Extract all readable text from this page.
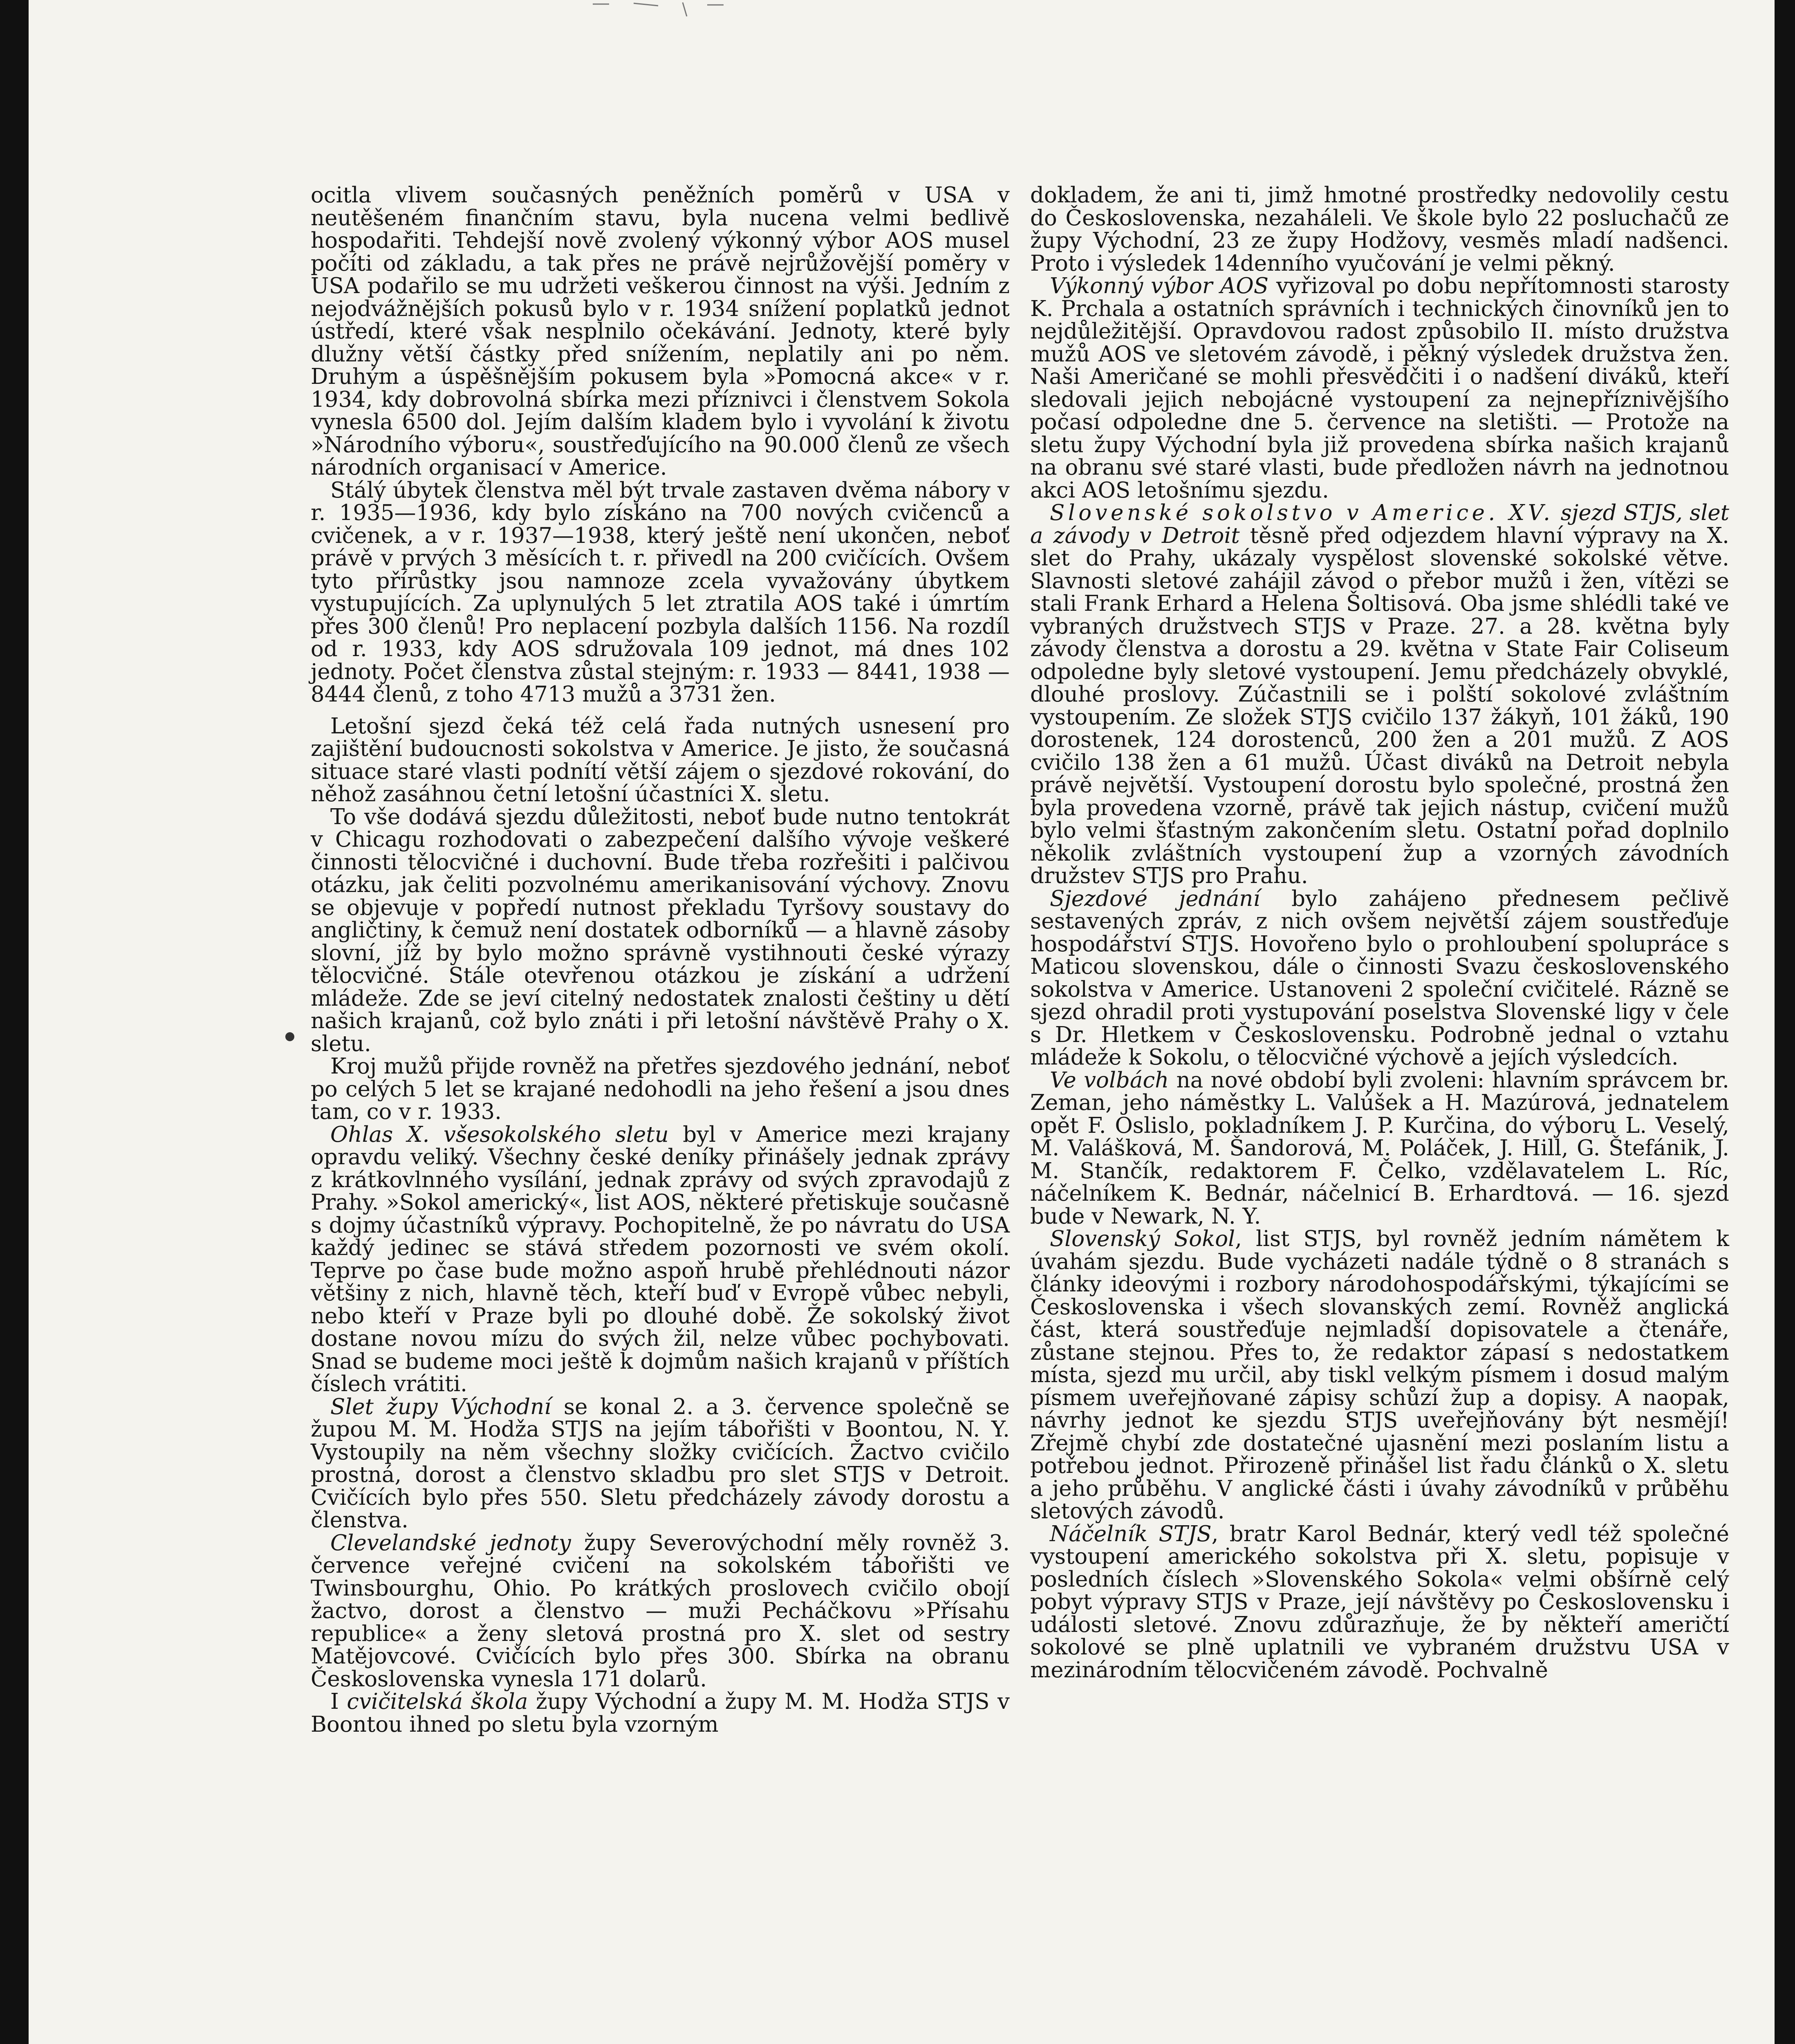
ocitla vlivem současných peněžních poměrů v USA v neutěšeném finančním stavu, byla nucena velmi bedlivě hospodařiti. Tehdejší nově zvolený výkonný výbor AOS musel počíti od základu, a tak přes ne právě nejrůžovější poměry v USA podařilo se mu udržeti veškerou činnost na výši. Jedním z nejodvážnějších pokusů bylo v r. 1934 snížení poplatků jednot ústředí, které však nesplnilo očekávání. Jednoty, které byly dlužny větší částky před snížením, neplatily ani po něm. Druhým a úspěšnějším pokusem byla »Pomocná akce« v r. 1934, kdy dobrovolná sbírka mezi příznivci i členstvem Sokola vynesla 6500 dol. Jejím dalším kladem bylo i vyvolání k životu »Národního výboru«, soustřeďujícího na 90.000 členů ze všech národních organisací v Americe.

Stálý úbytek členstva měl být trvale zastaven dvěma nábory v r. 1935—1936, kdy bylo získáno na 700 nových cvičenců a cvičenek, a v r. 1937—1938, který ještě není ukončen, neboť právě v prvých 3 měsících t. r. přivedl na 200 cvičících. Ovšem tyto přírůstky jsou namnoze zcela vyvažovány úbytkem vystupujících. Za uplynulých 5 let ztratila AOS také i úmrtím přes 300 členů! Pro neplacení pozbyla dalších 1156. Na rozdíl od r. 1933, kdy AOS sdružovala 109 jednot, má dnes 102 jednoty. Počet členstva zůstal stejným: r. 1933 — 8441, 1938 — 8444 členů, z toho 4713 mužů a 3731 žen.

Letošní sjezd čeká též celá řada nutných usnesení pro zajištění budoucnosti sokolstva v Americe. Je jisto, že současná situace staré vlasti podnítí větší zájem o sjezdové rokování, do něhož zasáhnou četní letošní účastníci X. sletu.

To vše dodává sjezdu důležitosti, neboť bude nutno tentokrát v Chicagu rozhodovati o zabezpečení dalšího vývoje veškeré činnosti tělocvičné i duchovní. Bude třeba rozřešiti i palčivou otázku, jak čeliti pozvolnému amerikanisování výchovy. Znovu se objevuje v popředí nutnost překladu Tyršovy soustavy do angličtiny, k čemuž není dostatek odborníků — a hlavně zásoby slovní, jíž by bylo možno správně vystihnouti české výrazy tělocvičné. Stále otevřenou otázkou je získání a udržení mládeže. Zde se jeví citelný nedostatek znalosti češtiny u dětí našich krajanů, což bylo znáti i při letošní návštěvě Prahy o X. sletu.

Kroj mužů přijde rovněž na přetřes sjezdového jednání, neboť po celých 5 let se krajané nedohodli na jeho řešení a jsou dnes tam, co v r. 1933.

Ohlas X. všesokolského sletu byl v Americe mezi krajany opravdu veliký. Všechny české deníky přinášely jednak zprávy z krátkovlnného vysílání, jednak zprávy od svých zpravodajů z Prahy. »Sokol americký«, list AOS, některé přetiskuje současně s dojmy účastníků výpravy. Pochopitelně, že po návratu do USA každý jedinec se stává středem pozornosti ve svém okolí. Teprve po čase bude možno aspoň hrubě přehlédnouti názor většiny z nich, hlavně těch, kteří buď v Evropě vůbec nebyli, nebo kteří v Praze byli po dlouhé době. Že sokolský život dostane novou mízu do svých žil, nelze vůbec pochybovati. Snad se budeme moci ještě k dojmům našich krajanů v příštích číslech vrátiti.

Slet župy Východní se konal 2. a 3. července společně se župou M. M. Hodža STJS na jejím tábořišti v Boontou, N. Y. Vystoupily na něm všechny složky cvičících. Žactvo cvičilo prostná, dorost a členstvo skladbu pro slet STJS v Detroit. Cvičících bylo přes 550. Sletu předcházely závody dorostu a členstva.

Clevelandské jednoty župy Severovýchodní měly rovněž 3. července veřejné cvičení na sokolském tábořišti ve Twinsbourghu, Ohio. Po krátkých proslovech cvičilo obojí žactvo, dorost a členstvo — muži Pecháčkovu »Přísahu republice« a ženy sletová prostná pro X. slet od sestry Matějovcové. Cvičících bylo přes 300. Sbírka na obranu Československa vynesla 171 dolarů.

I cvičitelská škola župy Východní a župy M. M. Hodža STJS v Boontou ihned po sletu byla vzorným

dokladem, že ani ti, jimž hmotné prostředky nedovolily cestu do Československa, nezaháleli. Ve škole bylo 22 posluchačů ze župy Východní, 23 ze župy Hodžovy, vesměs mladí nadšenci. Proto i výsledek 14denního vyučování je velmi pěkný.

Výkonný výbor AOS vyřizoval po dobu nepřítomnosti starosty K. Prchala a ostatních správních i technických činovníků jen to nejdůležitější. Opravdovou radost způsobilo II. místo družstva mužů AOS ve sletovém závodě, i pěkný výsledek družstva žen. Naši Američané se mohli přesvědčiti i o nadšení diváků, kteří sledovali jejich nebojácné vystoupení za nejnepříznivějšího počasí odpoledne dne 5. července na sletišti. — Protože na sletu župy Východní byla již provedena sbírka našich krajanů na obranu své staré vlasti, bude předložen návrh na jednotnou akci AOS letošnímu sjezdu.

Slovenské sokolstvo v Americe. XV. sjezd STJS, slet a závody v Detroit těsně před odjezdem hlavní výpravy na X. slet do Prahy, ukázaly vyspělost slovenské sokolské větve. Slavnosti sletové zahájil závod o přebor mužů i žen, vítězi se stali Frank Erhard a Helena Šoltisová. Oba jsme shlédli také ve vybraných družstvech STJS v Praze. 27. a 28. května byly závody členstva a dorostu a 29. května v State Fair Coliseum odpoledne byly sletové vystoupení. Jemu předcházely obvyklé, dlouhé proslovy. Zúčastnili se i polští sokolové zvláštním vystoupením. Ze složek STJS cvičilo 137 žákyň, 101 žáků, 190 dorostenek, 124 dorostenců, 200 žen a 201 mužů. Z AOS cvičilo 138 žen a 61 mužů. Účast diváků na Detroit nebyla právě největší. Vystoupení dorostu bylo společné, prostná žen byla provedena vzorně, právě tak jejich nástup, cvičení mužů bylo velmi šťastným zakončením sletu. Ostatní pořad doplnilo několik zvláštních vystoupení žup a vzorných závodních družstev STJS pro Prahu.

Sjezdové jednání bylo zahájeno přednesem pečlivě sestavených zpráv, z nich ovšem největší zájem soustřeďuje hospodářství STJS. Hovořeno bylo o prohloubení spolupráce s Maticou slovenskou, dále o činnosti Svazu československého sokolstva v Americe. Ustanoveni 2 společní cvičitelé. Rázně se sjezd ohradil proti vystupování poselstva Slovenské ligy v čele s Dr. Hletkem v Československu. Podrobně jednal o vztahu mládeže k Sokolu, o tělocvičné výchově a jejích výsledcích.

Ve volbách na nové období byli zvoleni: hlavním správcem br. Zeman, jeho náměstky L. Valúšek a H. Mazúrová, jednatelem opět F. Oslislo, pokladníkem J. P. Kurčina, do výboru L. Veselý, M. Valášková, M. Šandorová, M. Poláček, J. Hill, G. Štefánik, J. M. Stančík, redaktorem F. Čelko, vzdělavatelem L. Ríc, náčelníkem K. Bednár, náčelnicí B. Erhardtová. — 16. sjezd bude v Newark, N. Y.

Slovenský Sokol, list STJS, byl rovněž jedním námětem k úvahám sjezdu. Bude vycházeti nadále týdně o 8 stranách s články ideovými i rozbory národohospodářskými, týkajícími se Československa i všech slovanských zemí. Rovněž anglická část, která soustřeďuje nejmladší dopisovatele a čtenáře, zůstane stejnou. Přes to, že redaktor zápasí s nedostatkem místa, sjezd mu určil, aby tiskl velkým písmem i dosud malým písmem uveřejňované zápisy schůzí žup a dopisy. A naopak, návrhy jednot ke sjezdu STJS uveřejňovány být nesmějí! Zřejmě chybí zde dostatečné ujasnění mezi poslaním listu a potřebou jednot. Přirozeně přinášel list řadu článků o X. sletu a jeho průběhu. V anglické části i úvahy závodníků v průběhu sletových závodů.

Náčelník STJS, bratr Karol Bednár, který vedl též společné vystoupení amerického sokolstva při X. sletu, popisuje v posledních číslech »Slovenského Sokola« velmi obšírně celý pobyt výpravy STJS v Praze, její návštěvy po Československu i události sletové. Znovu zdůrazňuje, že by někteří američtí sokolové se plně uplatnili ve vybraném družstvu USA v mezinárodním tělocvičeném závodě. Pochvalně
